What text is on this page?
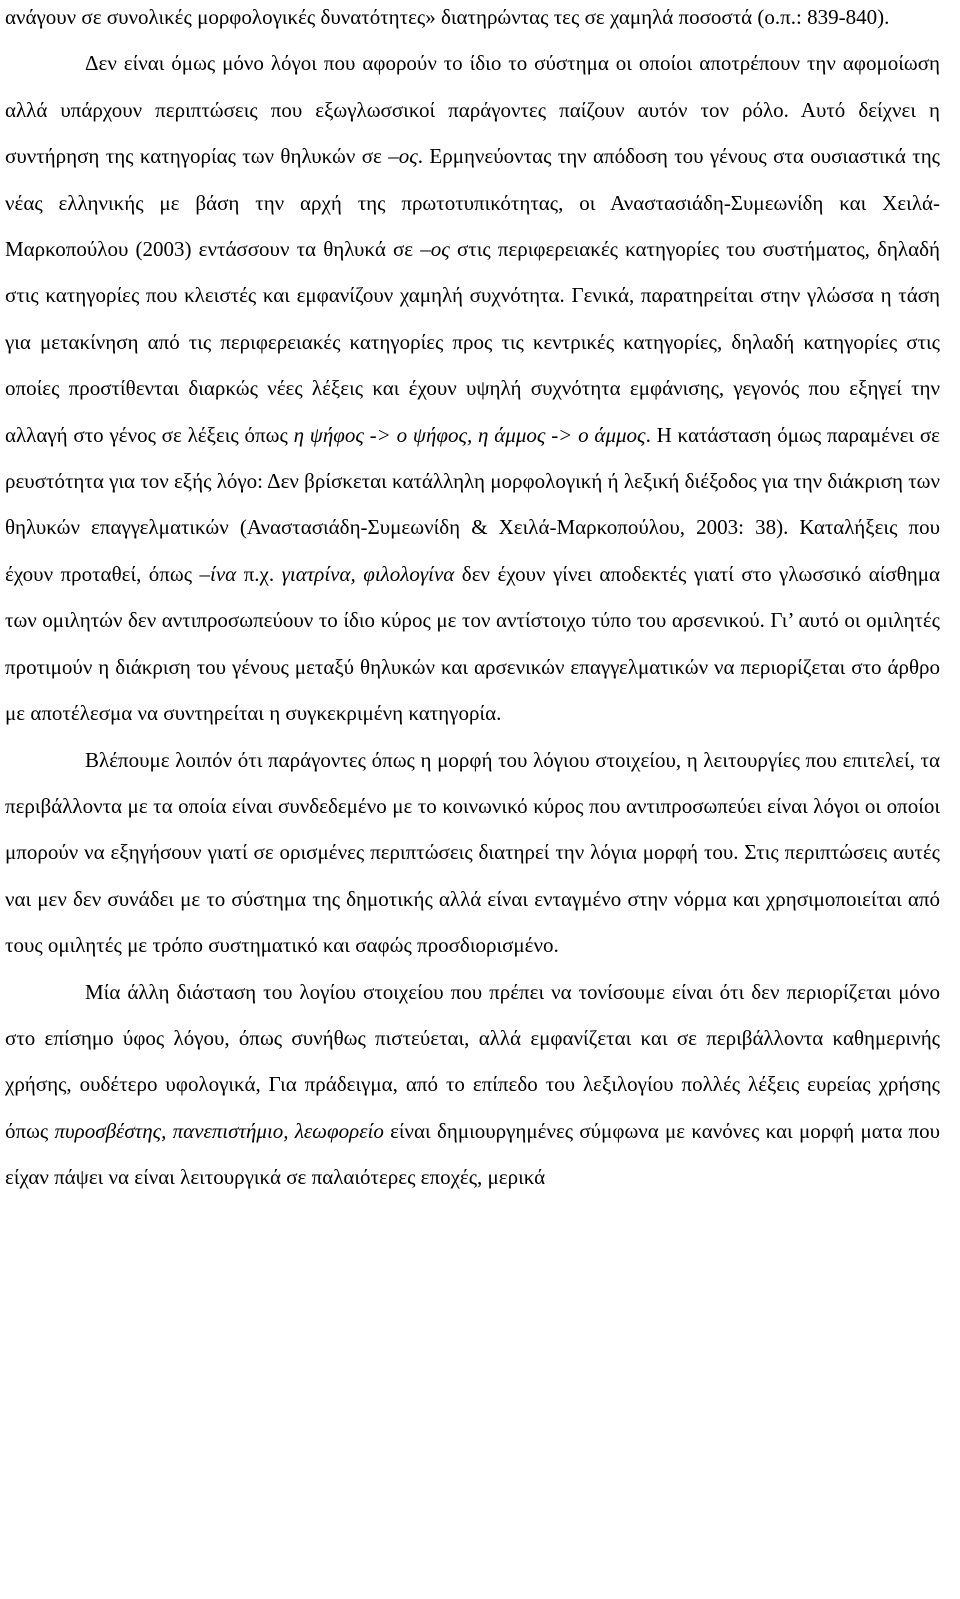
ανάγουν σε συνολικές μορφολογικές δυνατότητες» διατηρώντας τες σε χαμηλά ποσοστά (ο.π.: 839-840).

Δεν είναι όμως μόνο λόγοι που αφορούν το ίδιο το σύστημα οι οποίοι αποτρέπουν την αφομοίωση αλλά υπάρχουν περιπτώσεις που εξωγλωσσικοί παράγοντες παίζουν αυτόν τον ρόλο. Αυτό δείχνει η συντήρηση της κατηγορίας των θηλυκών σε –ος. Ερμηνεύοντας την απόδοση του γένους στα ουσιαστικά της νέας ελληνικής με βάση την αρχή της πρωτοτυπικότητας, οι Αναστασιάδη-Συμεωνίδη και Χειλά-Μαρκοπούλου (2003) εντάσσουν τα θηλυκά σε –ος στις περιφερειακές κατηγορίες του συστήματος, δηλαδή στις κατηγορίες που κλειστές και εμφανίζουν χαμηλή συχνότητα. Γενικά, παρατηρείται στην γλώσσα η τάση για μετακίνηση από τις περιφερειακές κατηγορίες προς τις κεντρικές κατηγορίες, δηλαδή κατηγορίες στις οποίες προστίθενται διαρκώς νέες λέξεις και έχουν υψηλή συχνότητα εμφάνισης, γεγονός που εξηγεί την αλλαγή στο γένος σε λέξεις όπως η ψήφος -> ο ψήφος, η άμμος -> ο άμμος. Η κατάσταση όμως παραμένει σε ρευστότητα για τον εξής λόγο: Δεν βρίσκεται κατάλληλη μορφολογική ή λεξική διέξοδος για την διάκριση των θηλυκών επαγγελματικών (Αναστασιάδη-Συμεωνίδη & Χειλά-Μαρκοπούλου, 2003: 38). Καταλήξεις που έχουν προταθεί, όπως –ίνα π.χ. γιατρίνα, φιλολογίνα δεν έχουν γίνει αποδεκτές γιατί στο γλωσσικό αίσθημα των ομιλητών δεν αντιπροσωπεύουν το ίδιο κύρος με τον αντίστοιχο τύπο του αρσενικού. Γι’ αυτό οι ομιλητές προτιμούν η διάκριση του γένους μεταξύ θηλυκών και αρσενικών επαγγελματικών να περιορίζεται στο άρθρο με αποτέλεσμα να συντηρείται η συγκεκριμένη κατηγορία.

Βλέπουμε λοιπόν ότι παράγοντες όπως η μορφή του λόγιου στοιχείου, η λειτουργίες που επιτελεί, τα περιβάλλοντα με τα οποία είναι συνδεδεμένο με το κοινωνικό κύρος που αντιπροσωπεύει είναι λόγοι οι οποίοι μπορούν να εξηγήσουν γιατί σε ορισμένες περιπτώσεις διατηρεί την λόγια μορφή του. Στις περιπτώσεις αυτές ναι μεν δεν συνάδει με το σύστημα της δημοτικής αλλά είναι ενταγμένο στην νόρμα και χρησιμοποιείται από τους ομιλητές με τρόπο συστηματικό και σαφώς προσδιορισμένο.

Μία άλλη διάσταση του λογίου στοιχείου που πρέπει να τονίσουμε είναι ότι δεν περιορίζεται μόνο στο επίσημο ύφος λόγου, όπως συνήθως πιστεύεται, αλλά εμφανίζεται και σε περιβάλλοντα καθημερινής χρήσης, ουδέτερο υφολογικά, Για πράδειγμα, από το επίπεδο του λεξιλογίου πολλές λέξεις ευρείας χρήσης όπως πυροσβέστης, πανεπιστήμιο, λεωφορείο είναι δημιουργημένες σύμφωνα με κανόνες και μορφή ματα που είχαν πάψει να είναι λειτουργικά σε παλαιότερες εποχές, μερικά
